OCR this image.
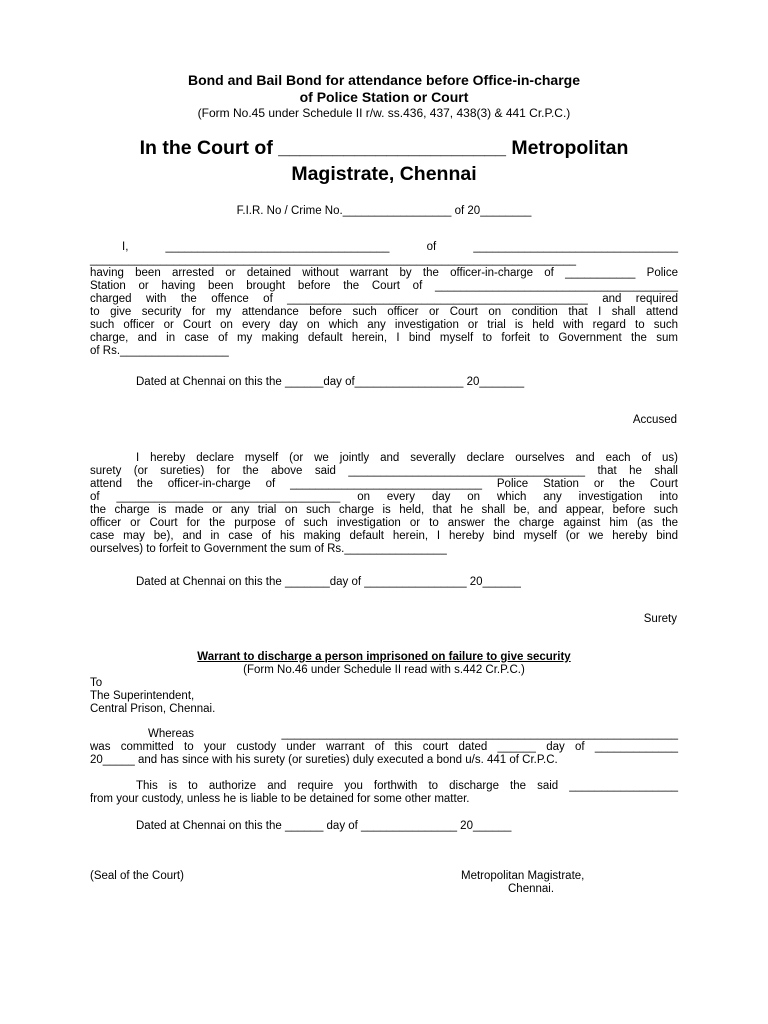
Bond and Bail Bond for attendance before Office-in-charge
of Police Station or Court
(Form No.45 under Schedule II r/w. ss.436, 437, 438(3) & 441 Cr.P.C.)
In the Court of _____________________ Metropolitan
Magistrate, Chennai
F.I.R. No / Crime No._________________ of 20________
I, ___________________________________ of ________________________________
____________________________________________________________________________
having been arrested or detained without warrant by the officer-in-charge of ___________ Police
Station or having been brought before the Court of ______________________________________
charged with the offence of _______________________________________________ and required
to give security for my attendance before such officer or Court on condition that I shall attend
such officer or Court on every day on which any investigation or trial is held with regard to such
charge, and in case of my making default herein, I bind myself to forfeit to Government the sum
of Rs._________________
Dated at Chennai on this the ______day of_________________ 20_______
Accused
I hereby declare myself (or we jointly and severally declare ourselves and each of us)
surety (or sureties) for the above said _____________________________________ that he shall
attend the officer-in-charge of ______________________________ Police Station or the Court
of ___________________________________ on every day on which any investigation into
the charge is made or any trial on such charge is held, that he shall be, and appear, before such
officer or Court for the purpose of such investigation or to answer the charge against him (as the
case may be), and in case of his making default herein, I hereby bind myself (or we hereby bind
ourselves) to forfeit to Government the sum of Rs.________________
Dated at Chennai on this the _______day of ________________ 20______
Surety
Warrant to discharge a person imprisoned on failure to give security
(Form No.46 under Schedule II read with s.442 Cr.P.C.)
To
The Superintendent,
Central Prison, Chennai.
Whereas ______________________________________________________________
was committed to your custody under warrant of this court dated ______ day of _____________
20_____ and has since with his surety (or sureties) duly executed a bond u/s. 441 of Cr.P.C.
This is to authorize and require you forthwith to discharge the said _________________
from your custody, unless he is liable to be detained for some other matter.
Dated at Chennai on this the ______ day of _______________ 20______
(Seal of the Court)	Metropolitan Magistrate,
Chennai.
